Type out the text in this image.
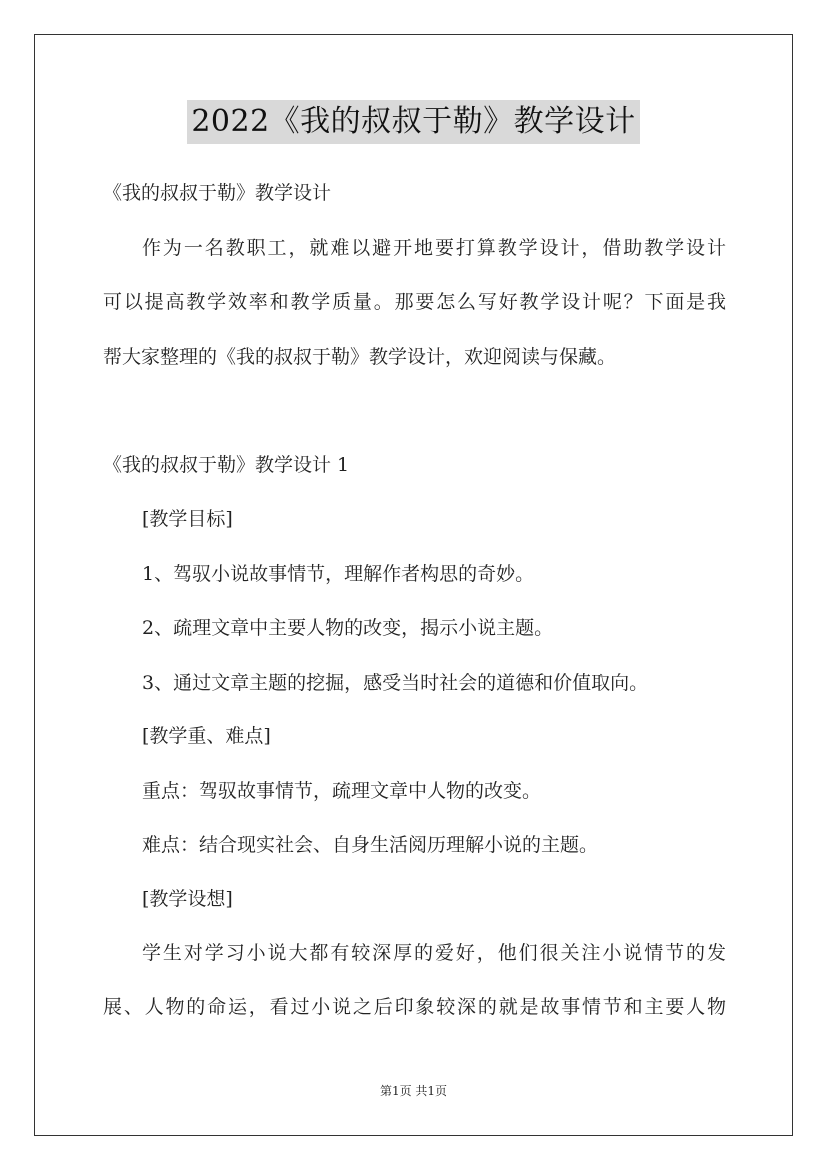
2022《我的叔叔于勒》教学设计
《我的叔叔于勒》教学设计
作为一名教职工，就难以避开地要打算教学设计，借助教学设计
可以提高教学效率和教学质量。那要怎么写好教学设计呢？下面是我
帮大家整理的《我的叔叔于勒》教学设计，欢迎阅读与保藏。
《我的叔叔于勒》教学设计 1
[教学目标]
1、驾驭小说故事情节，理解作者构思的奇妙。
2、疏理文章中主要人物的改变，揭示小说主题。
3、通过文章主题的挖掘，感受当时社会的道德和价值取向。
[教学重、难点]
重点：驾驭故事情节，疏理文章中人物的改变。
难点：结合现实社会、自身生活阅历理解小说的主题。
[教学设想]
学生对学习小说大都有较深厚的爱好，他们很关注小说情节的发
展、人物的命运，看过小说之后印象较深的就是故事情节和主要人物
第1页 共1页
